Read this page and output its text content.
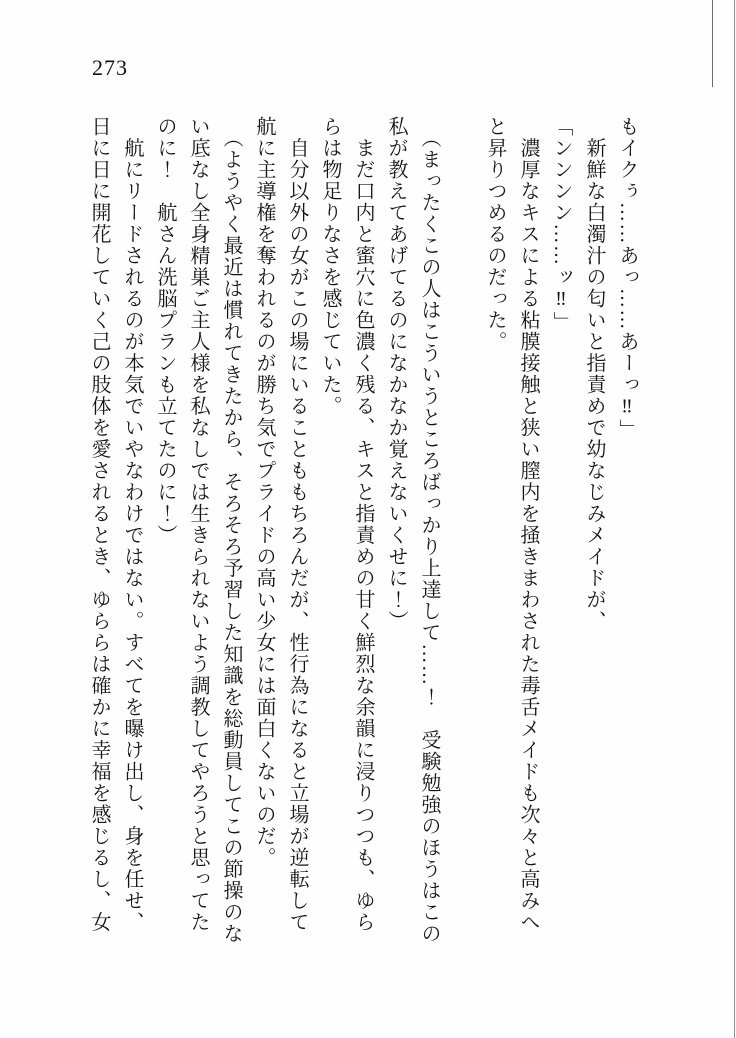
273
もイクぅ……あっ……あーっ‼」
　新鮮な白濁汁の匂いと指責めで幼なじみメイドが、
「ンンンン……ッ‼」
　濃厚なキスによる粘膜接触と狭い膣内を掻きまわされた毒舌メイドも次々と高みへ
と昇りつめるのだった。
　（まったくこの人はこういうところばっかり上達して……！　受験勉強のほうはこの
私が教えてあげてるのになかなか覚えないくせに！）
　まだ口内と蜜穴に色濃く残る、キスと指責めの甘く鮮烈な余韻に浸りつつも、ゆら
らは物足りなさを感じていた。
　自分以外の女がこの場にいることももちろんだが、性行為になると立場が逆転して
航に主導権を奪われるのが勝ち気でプライドの高い少女には面白くないのだ。
　（ようやく最近は慣れてきたから、そろそろ予習した知識を総動員してこの節操のな
い底なし全身精巣ご主人様を私なしでは生きられないよう調教してやろうと思ってた
のに！　航さん洗脳プランも立てたのに！）
　航にリードされるのが本気でいやなわけではない。すべてを曝け出し、身を任せ、
日に日に開花していく己の肢体を愛されるとき、ゆららは確かに幸福を感じるし、女
